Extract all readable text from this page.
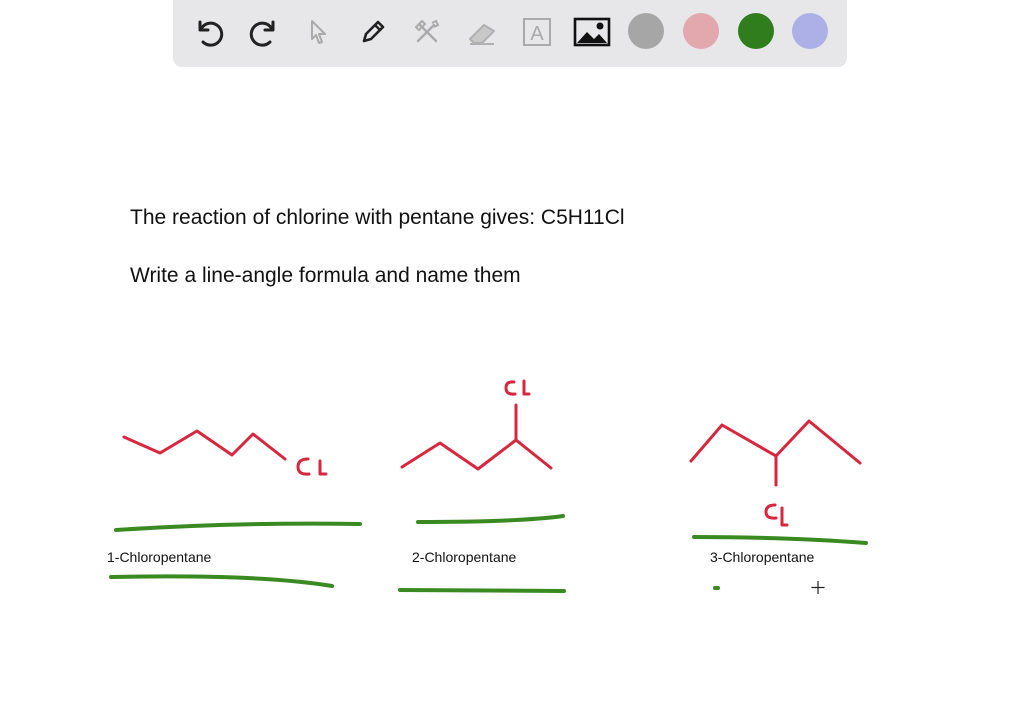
A
The reaction of chlorine with pentane gives: C5H11Cl
Write a line-angle formula and name them
1-Chloropentane	2-Chloropentane	3-Chloropentane
